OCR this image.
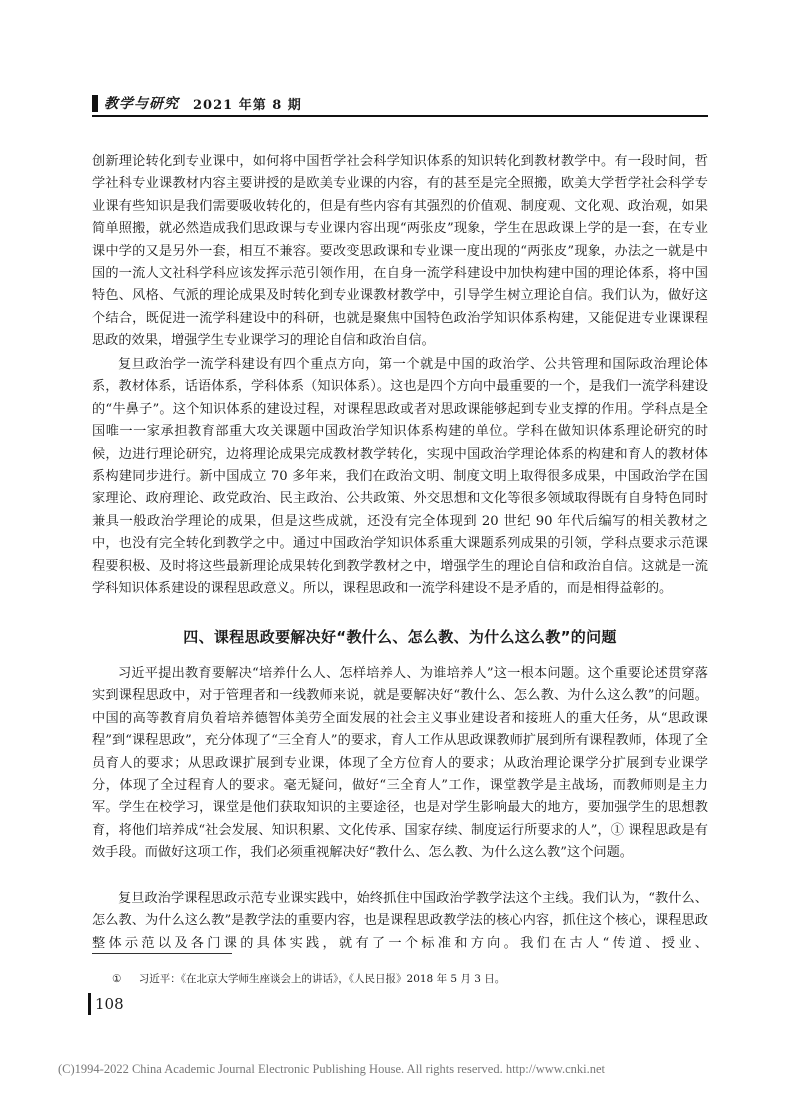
教学与研究 2021 年第 8 期

创新理论转化到专业课中，如何将中国哲学社会科学知识体系的知识转化到教材教学中。有一段时间，哲学社科专业课教材内容主要讲授的是欧美专业课的内容，有的甚至是完全照搬，欧美大学哲学社会科学专业课有些知识是我们需要吸收转化的，但是有些内容有其强烈的价值观、制度观、文化观、政治观，如果简单照搬，就必然造成我们思政课与专业课内容出现“两张皮”现象，学生在思政课上学的是一套，在专业课中学的又是另外一套，相互不兼容。要改变思政课和专业课一度出现的“两张皮”现象，办法之一就是中国的一流人文社科学科应该发挥示范引领作用，在自身一流学科建设中加快构建中国的理论体系，将中国特色、风格、气派的理论成果及时转化到专业课教材教学中，引导学生树立理论自信。我们认为，做好这个结合，既促进一流学科建设中的科研，也就是聚焦中国特色政治学知识体系构建，又能促进专业课课程思政的效果，增强学生专业课学习的理论自信和政治自信。

复旦政治学一流学科建设有四个重点方向，第一个就是中国的政治学、公共管理和国际政治理论体系，教材体系，话语体系，学科体系（知识体系）。这也是四个方向中最重要的一个，是我们一流学科建设的“牛鼻子”。这个知识体系的建设过程，对课程思政或者对思政课能够起到专业支撑的作用。学科点是全国唯一一家承担教育部重大攻关课题中国政治学知识体系构建的单位。学科在做知识体系理论研究的时候，边进行理论研究，边将理论成果完成教材教学转化，实现中国政治学理论体系的构建和育人的教材体系构建同步进行。新中国成立 70 多年来，我们在政治文明、制度文明上取得很多成果，中国政治学在国家理论、政府理论、政党政治、民主政治、公共政策、外交思想和文化等很多领域取得既有自身特色同时兼具一般政治学理论的成果，但是这些成就，还没有完全体现到 20 世纪 90 年代后编写的相关教材之中，也没有完全转化到教学之中。通过中国政治学知识体系重大课题系列成果的引领，学科点要求示范课程要积极、及时将这些最新理论成果转化到教学教材之中，增强学生的理论自信和政治自信。这就是一流学科知识体系建设的课程思政意义。所以，课程思政和一流学科建设不是矛盾的，而是相得益彰的。

四、课程思政要解决好“教什么、怎么教、为什么这么教”的问题

习近平提出教育要解决“培养什么人、怎样培养人、为谁培养人”这一根本问题。这个重要论述贯穿落实到课程思政中，对于管理者和一线教师来说，就是要解决好“教什么、怎么教、为什么这么教”的问题。中国的高等教育肩负着培养德智体美劳全面发展的社会主义事业建设者和接班人的重大任务，从“思政课程”到“课程思政”，充分体现了“三全育人”的要求，育人工作从思政课教师扩展到所有课程教师，体现了全员育人的要求；从思政课扩展到专业课，体现了全方位育人的要求；从政治理论课学分扩展到专业课学分，体现了全过程育人的要求。毫无疑问，做好“三全育人”工作，课堂教学是主战场，而教师则是主力军。学生在校学习，课堂是他们获取知识的主要途径，也是对学生影响最大的地方，要加强学生的思想教育，将他们培养成“社会发展、知识积累、文化传承、国家存续、制度运行所要求的人”，① 课程思政是有效手段。而做好这项工作，我们必须重视解决好“教什么、怎么教、为什么这么教”这个问题。

复旦政治学课程思政示范专业课实践中，始终抓住中国政治学教学法这个主线。我们认为，“教什么、怎么教、为什么这么教”是教学法的重要内容，也是课程思政教学法的核心内容，抓住这个核心，课程思政整体示范以及各门课的具体实践，就有了一个标准和方向。我们在古人“传道、授业、

① 习近平：《在北京大学师生座谈会上的讲话》，《人民日报》2018 年 5 月 3 日。
108
(C)1994-2022 China Academic Journal Electronic Publishing House. All rights reserved. http://www.cnki.net
